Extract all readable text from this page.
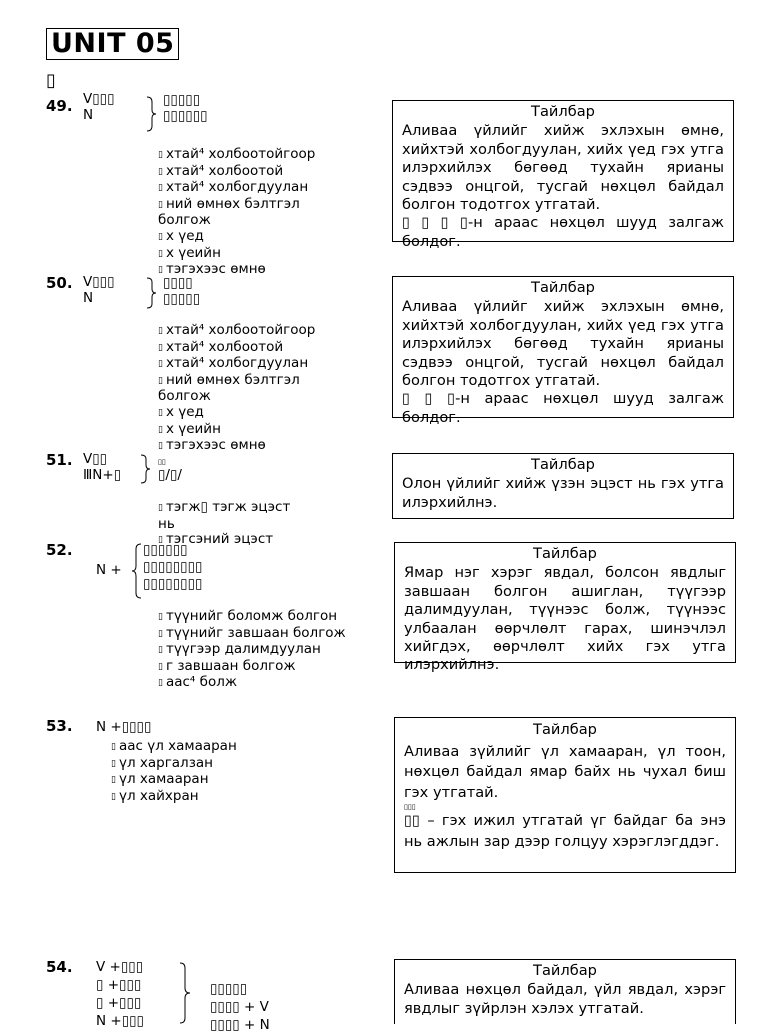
UNIT 05
▯
49. V▯▯▯
N
▯▯▯▯▯
▯▯▯▯▯▯
▯ хтай⁴ холбоотойгоор
▯ хтай⁴ холбоотой
▯ хтай⁴ холбогдуулан
▯ ний өмнөх бэлтгэл болгож
▯ х үед
▯ х үеийн
▯ тэгэхээс өмнө
Тайлбар

Аливаа үйлийг хийж эхлэхын өмнө, хийхтэй холбогдуулан, хийх үед гэх утга илэрхийлэх бөгөөд тухайн ярианы сэдвээ онцгой, тусгай нөхцөл байдал болгон тодотгох утгатай.

▯ ▯ ▯ ▯-н араас нөхцөл шууд залгаж болдог.

50. V▯▯▯
N
▯▯▯▯
▯▯▯▯▯
▯ хтай⁴ холбоотойгоор
▯ хтай⁴ холбоотой
▯ хтай⁴ холбогдуулан
▯ ний өмнөх бэлтгэл болгож
▯ х үед
▯ х үеийн
▯ тэгэхээс өмнө
Тайлбар

Аливаа үйлийг хийж эхлэхын өмнө, хийхтэй холбогдуулан, хийх үед гэх утга илэрхийлэх бөгөөд тухайн ярианы сэдвээ онцгой, тусгай нөхцөл байдал болгон тодотгох утгатай.

▯ ▯ ▯-н араас нөхцөл шууд залгаж болдог.

51. V▯▯
ⅢN+▯
▯▯
▯/▯/
▯ тэгж▯ тэгж эцэст нь
▯ тэгсэний эцэст
Тайлбар

Олон үйлийг хийж үзэн эцэст нь гэх утга илэрхийлнэ.

52.
N +
▯▯▯▯▯▯
▯▯▯▯▯▯▯▯
▯▯▯▯▯▯▯▯
▯ түүнийг боломж болгон
▯ түүнийг завшаан болгож
▯ түүгээр далимдуулан
▯ г завшаан болгож
▯ аас⁴ болж
Тайлбар

Ямар нэг хэрэг явдал, болсон явдлыг завшаан болгон ашиглан, түүгээр далимдуулан, түүнээс болж, түүнээс улбаалан өөрчлөлт гарах, шинэчлэл хийгдэх, өөрчлөлт хийх гэх утга илэрхийлнэ.

53. N +▯▯▯▯
▯ аас үл хамааран
▯ үл харгалзан
▯ үл хамааран
▯ үл хайхран
Тайлбар

Аливаа зүйлийг үл хамааран, үл тоон, нөхцөл байдал ямар байх нь чухал биш гэх утгатай.

▯▯▯

▯▯ – гэх ижил утгатай үг байдаг ба энэ нь ажлын зар дээр голцуу хэрэглэгддэг.

54. V +▯▯▯
▯ +▯▯▯
▯ +▯▯▯
N +▯▯▯
▯▯▯▯▯
▯▯▯▯ + V
▯▯▯▯ + N
Тайлбар

Аливаа нөхцөл байдал, үйл явдал, хэрэг явдлыг зүйрлэн хэлэх утгатай.
